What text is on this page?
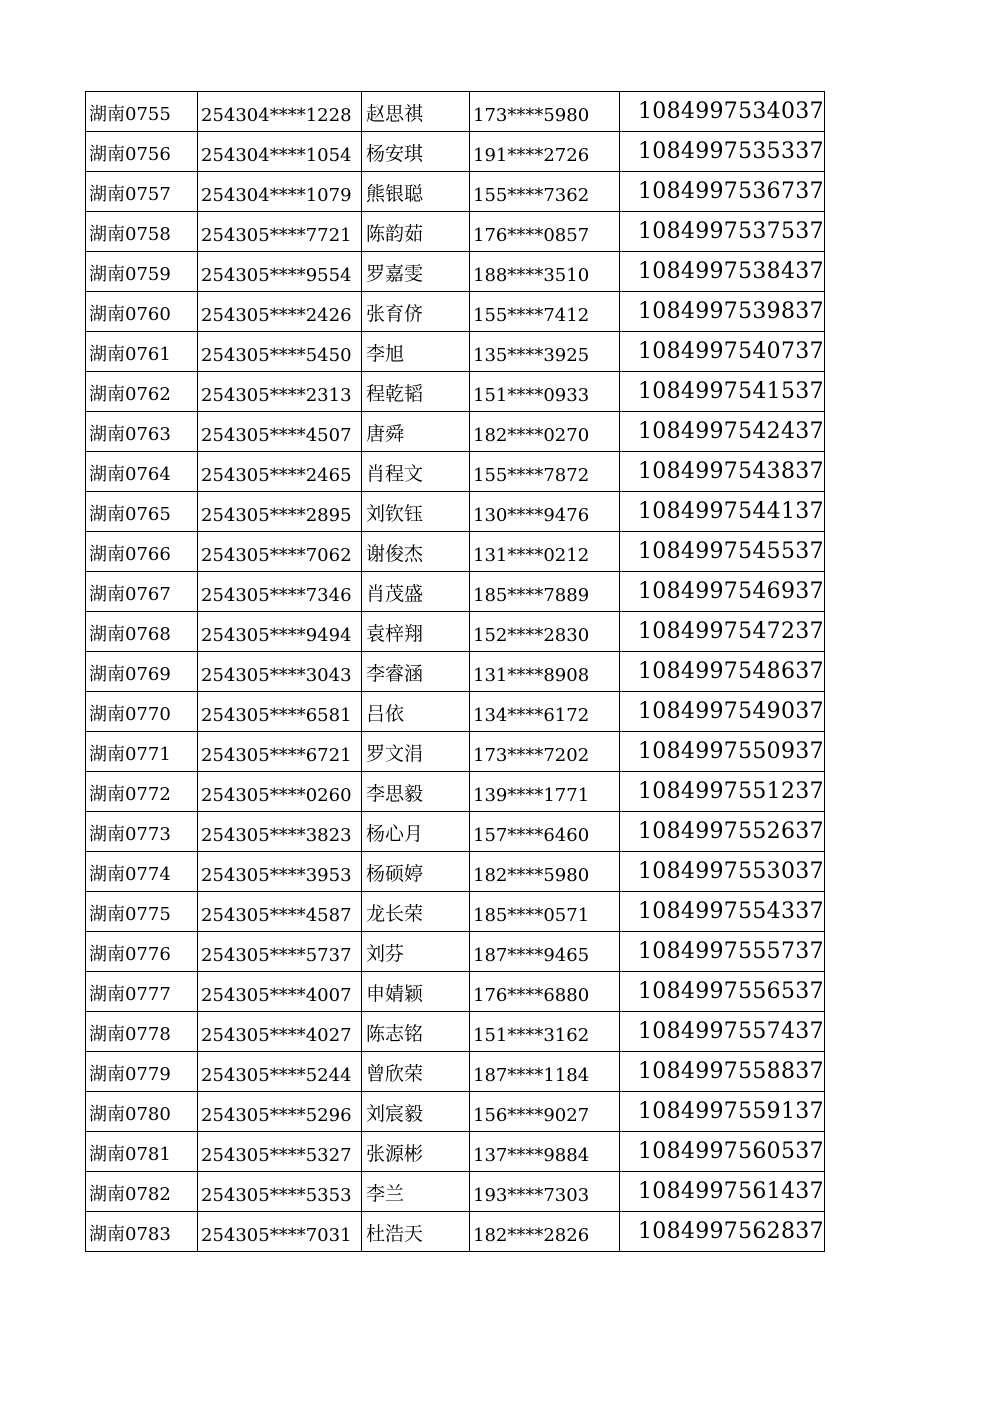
湖南0755	254304****1228	赵思祺	173****5980	1084997534037
湖南0756	254304****1054	杨安琪	191****2726	1084997535337
湖南0757	254304****1079	熊银聪	155****7362	1084997536737
湖南0758	254305****7721	陈韵茹	176****0857	1084997537537
湖南0759	254305****9554	罗嘉雯	188****3510	1084997538437
湖南0760	254305****2426	张育侪	155****7412	1084997539837
湖南0761	254305****5450	李旭	135****3925	1084997540737
湖南0762	254305****2313	程乾韬	151****0933	1084997541537
湖南0763	254305****4507	唐舜	182****0270	1084997542437
湖南0764	254305****2465	肖程文	155****7872	1084997543837
湖南0765	254305****2895	刘钦钰	130****9476	1084997544137
湖南0766	254305****7062	谢俊杰	131****0212	1084997545537
湖南0767	254305****7346	肖茂盛	185****7889	1084997546937
湖南0768	254305****9494	袁梓翔	152****2830	1084997547237
湖南0769	254305****3043	李睿涵	131****8908	1084997548637
湖南0770	254305****6581	吕依	134****6172	1084997549037
湖南0771	254305****6721	罗文涓	173****7202	1084997550937
湖南0772	254305****0260	李思毅	139****1771	1084997551237
湖南0773	254305****3823	杨心月	157****6460	1084997552637
湖南0774	254305****3953	杨硕婷	182****5980	1084997553037
湖南0775	254305****4587	龙长荣	185****0571	1084997554337
湖南0776	254305****5737	刘芬	187****9465	1084997555737
湖南0777	254305****4007	申婧颖	176****6880	1084997556537
湖南0778	254305****4027	陈志铭	151****3162	1084997557437
湖南0779	254305****5244	曾欣荣	187****1184	1084997558837
湖南0780	254305****5296	刘宸毅	156****9027	1084997559137
湖南0781	254305****5327	张源彬	137****9884	1084997560537
湖南0782	254305****5353	李兰	193****7303	1084997561437
湖南0783	254305****7031	杜浩天	182****2826	1084997562837
